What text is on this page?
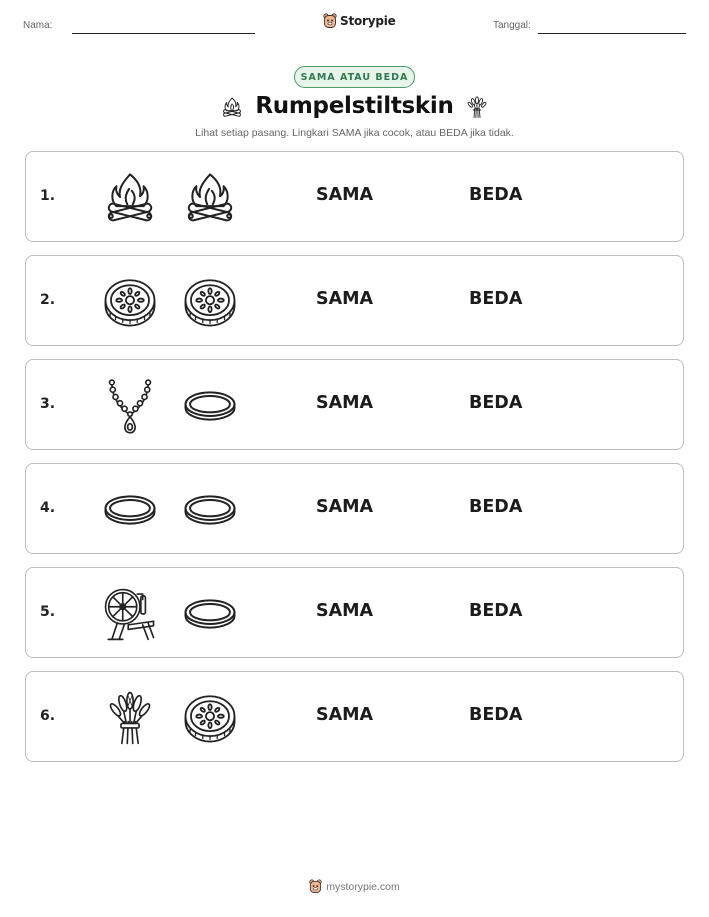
Nama:	Storypie	Tanggal:
SAMA ATAU BEDA
Rumpelstiltskin
Lihat setiap pasang. Lingkari SAMA jika cocok, atau BEDA jika tidak.
1.	SAMA	BEDA
2.	SAMA	BEDA
3.	SAMA	BEDA
4.	SAMA	BEDA
5.	SAMA	BEDA
6.	SAMA	BEDA
mystorypie.com
